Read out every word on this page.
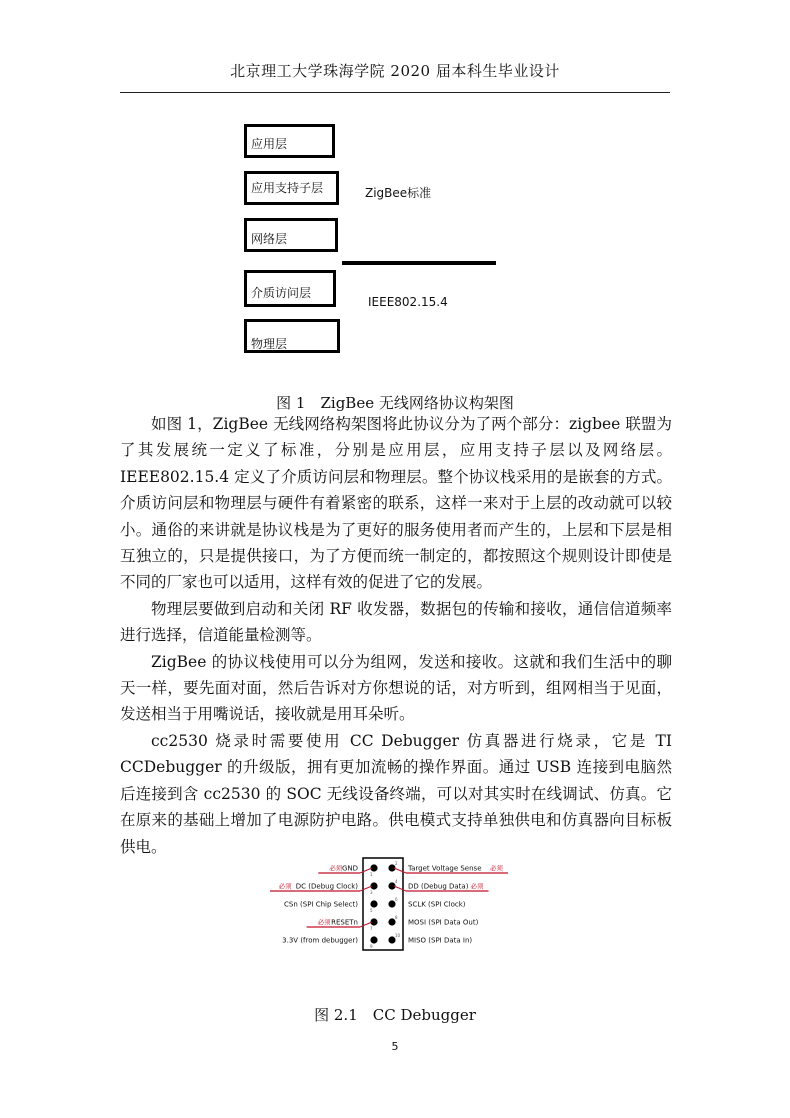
北京理工大学珠海学院 2020 届本科生毕业设计
应用层
应用支持子层
网络层
介质访问层
物理层
ZigBee标准
IEEE802.15.4
图 1　ZigBee 无线网络协议构架图

如图 1，ZigBee 无线网络构架图将此协议分为了两个部分：zigbee 联盟为了其发展统一定义了标准，分别是应用层，应用支持子层以及网络层。IEEE802.15.4 定义了介质访问层和物理层。整个协议栈采用的是嵌套的方式。介质访问层和物理层与硬件有着紧密的联系，这样一来对于上层的改动就可以较小。通俗的来讲就是协议栈是为了更好的服务使用者而产生的，上层和下层是相互独立的，只是提供接口，为了方便而统一制定的，都按照这个规则设计即使是不同的厂家也可以适用，这样有效的促进了它的发展。

物理层要做到启动和关闭 RF 收发器，数据包的传输和接收，通信信道频率进行选择，信道能量检测等。

ZigBee 的协议栈使用可以分为组网，发送和接收。这就和我们生活中的聊天一样，要先面对面，然后告诉对方你想说的话，对方听到，组网相当于见面，发送相当于用嘴说话，接收就是用耳朵听。

cc2530 烧录时需要使用 CC Debugger 仿真器进行烧录，它是 TI CCDebugger 的升级版，拥有更加流畅的操作界面。通过 USB 连接到电脑然后连接到含 cc2530 的 SOC 无线设备终端，可以对其实时在线调试、仿真。它在原来的基础上增加了电源防护电路。供电模式支持单独供电和仿真器向目标板供电。

1
2
GND
必须	Target Voltage Sense 必须
3
4
DC (Debug Clock)
必须	DD (Debug Data) 必须
5
6
CSn (SPI Chip Select)	SCLK (SPI Clock)
7
8
RESETn
必须	MOSI (SPI Data Out)
9
10
3.3V (from debugger)	MISO (SPI Data In)
图 2.1　CC Debugger
5
